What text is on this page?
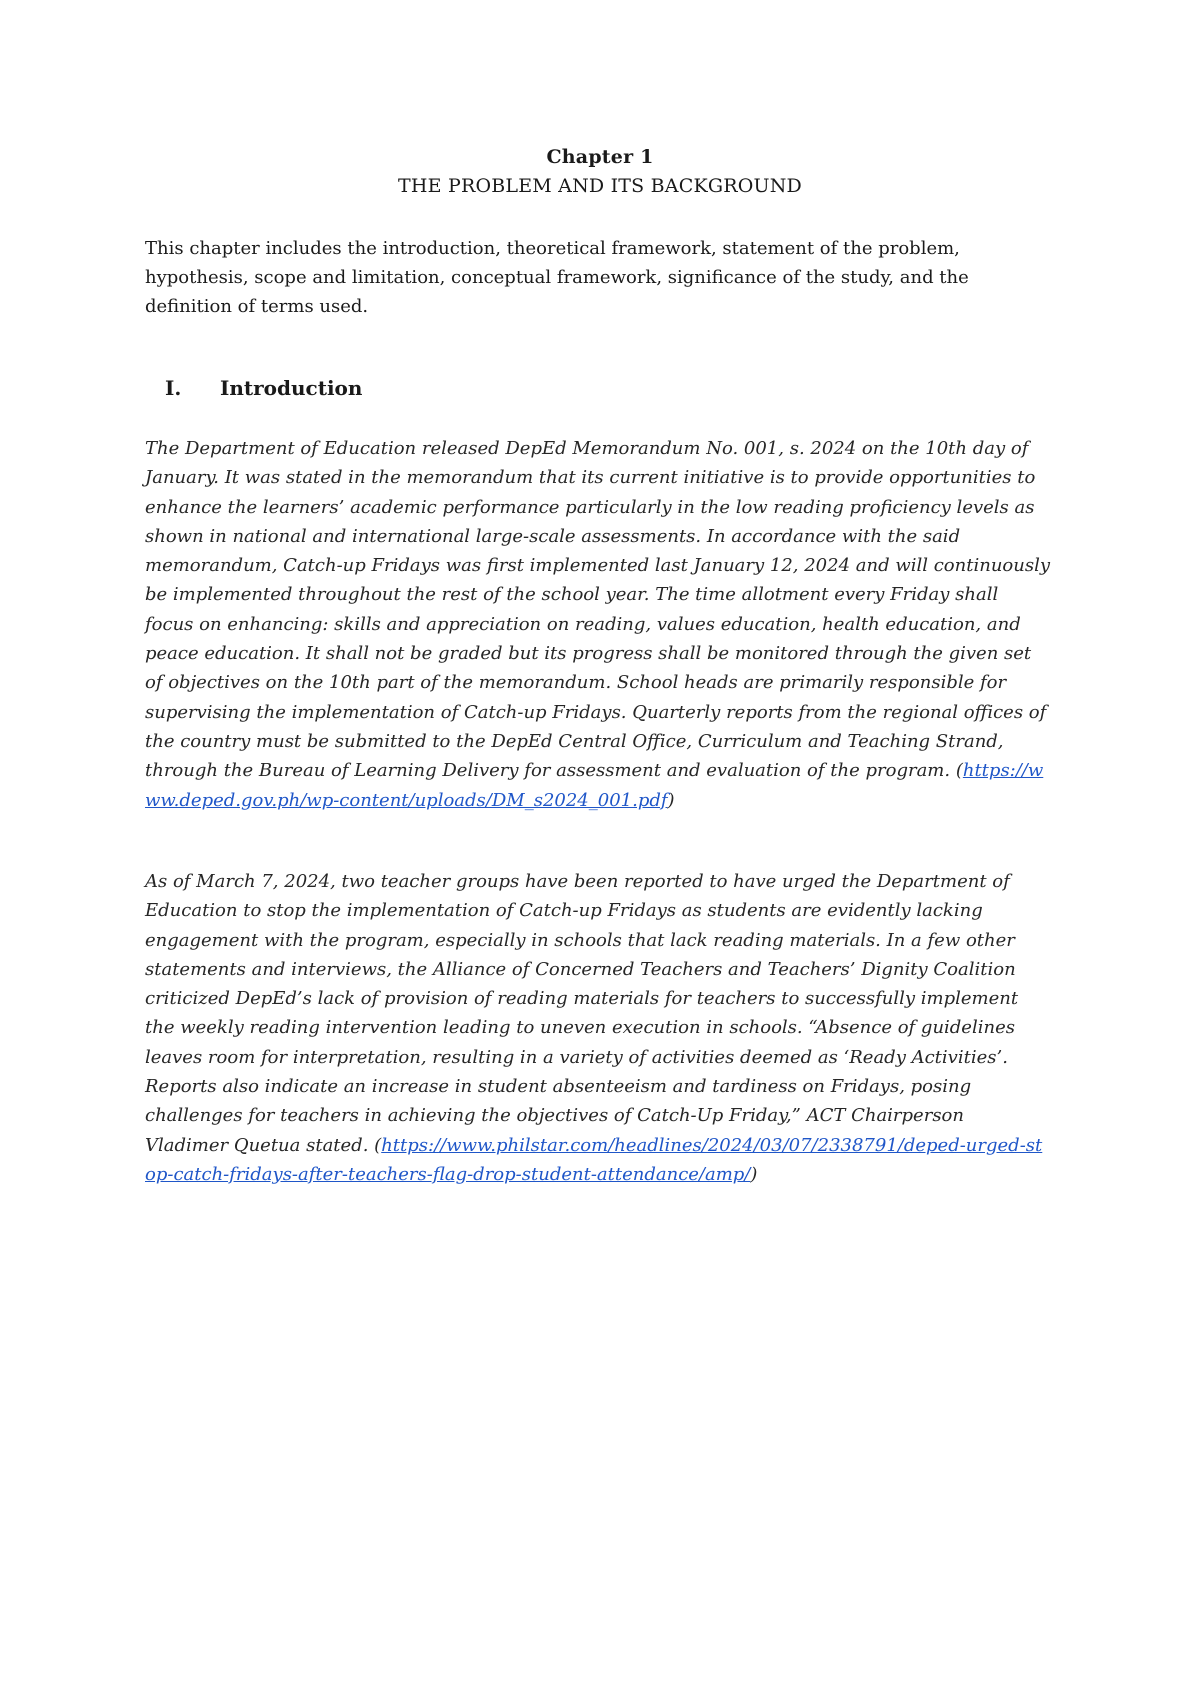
Chapter 1
THE PROBLEM AND ITS BACKGROUND

This chapter includes the introduction, theoretical framework, statement of the problem, hypothesis, scope and limitation, conceptual framework, significance of the study, and the definition of terms used.

I. Introduction

The Department of Education released DepEd Memorandum No. 001, s. 2024 on the 10th day of January. It was stated in the memorandum that its current initiative is to provide opportunities to enhance the learners’ academic performance particularly in the low reading proficiency levels as shown in national and international large-scale assessments. In accordance with the said memorandum, Catch-up Fridays was first implemented last January 12, 2024 and will continuously be implemented throughout the rest of the school year. The time allotment every Friday shall focus on enhancing: skills and appreciation on reading, values education, health education, and peace education. It shall not be graded but its progress shall be monitored through the given set of objectives on the 10th part of the memorandum. School heads are primarily responsible for supervising the implementation of Catch-up Fridays. Quarterly reports from the regional offices of the country must be submitted to the DepEd Central Office, Curriculum and Teaching Strand, through the Bureau of Learning Delivery for assessment and evaluation of the program. (https://www.deped.gov.ph/wp-content/uploads/DM_s2024_001.pdf)

As of March 7, 2024, two teacher groups have been reported to have urged the Department of Education to stop the implementation of Catch-up Fridays as students are evidently lacking engagement with the program, especially in schools that lack reading materials. In a few other statements and interviews, the Alliance of Concerned Teachers and Teachers’ Dignity Coalition criticized DepEd’s lack of provision of reading materials for teachers to successfully implement the weekly reading intervention leading to uneven execution in schools. “Absence of guidelines leaves room for interpretation, resulting in a variety of activities deemed as ‘Ready Activities’. Reports also indicate an increase in student absenteeism and tardiness on Fridays, posing challenges for teachers in achieving the objectives of Catch-Up Friday,” ACT Chairperson Vladimer Quetua stated. (https://www.philstar.com/headlines/2024/03/07/2338791/deped-urged-stop-catch-fridays-after-teachers-flag-drop-student-attendance/amp/)
